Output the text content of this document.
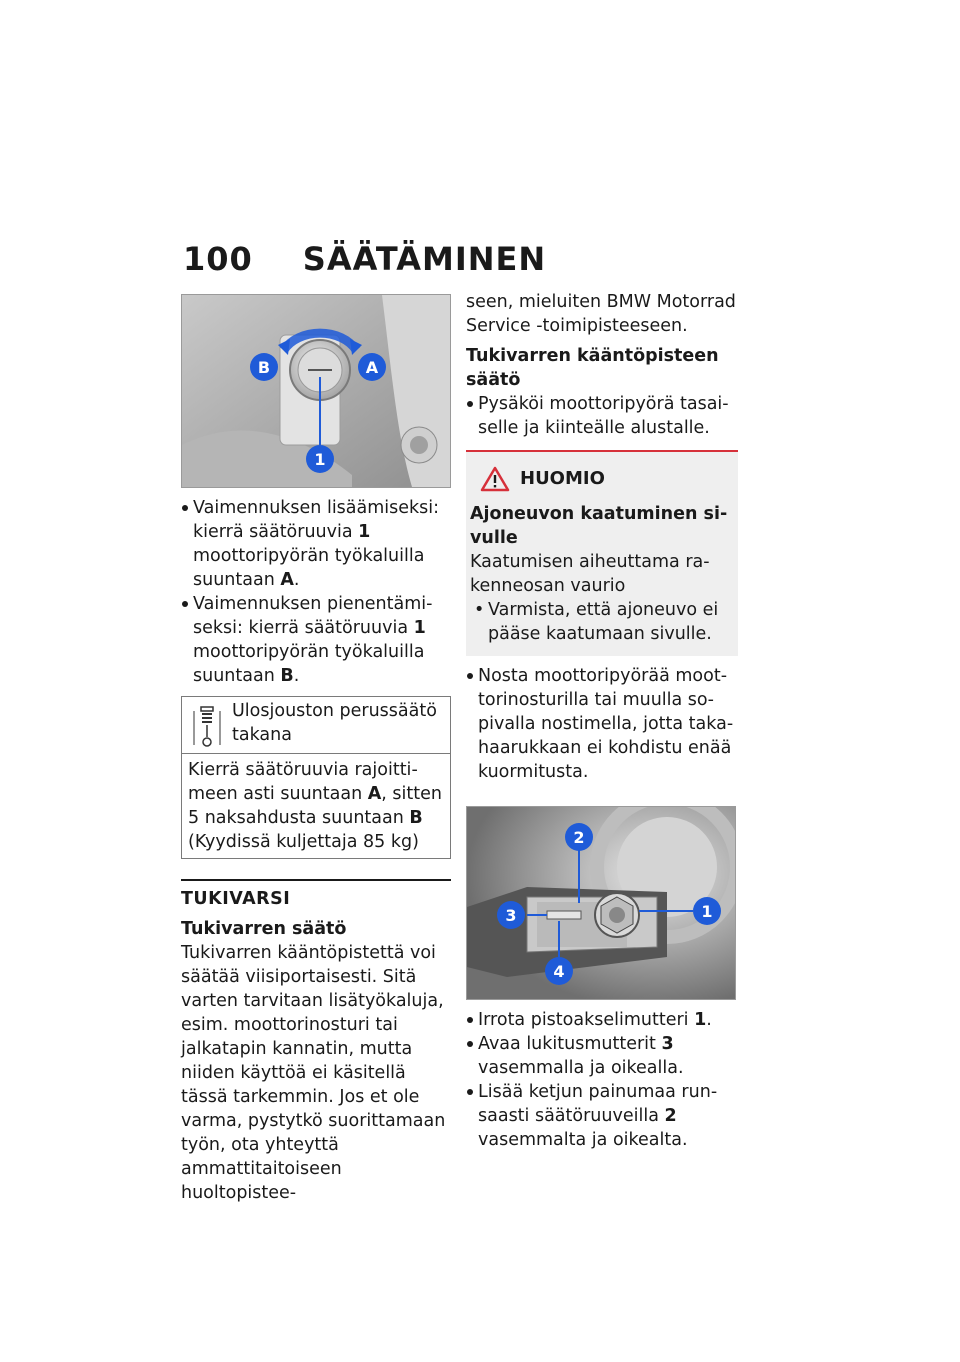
100 SÄÄTÄMINEN
B	A
1
Vaimennuksen lisäämiseksi: kierrä säätöruuvia 1 moottoripyörän työkaluilla suuntaan A.
Vaimennuksen pienentämiseksi: kierrä säätöruuvia 1 moottoripyörän työkaluilla suuntaan B.
Ulosjouston perussäätö takana
Kierrä säätöruuvia rajoittimeen asti suuntaan A, sitten 5 naksahdusta suuntaan B (Kyydissä kuljettaja 85 kg)
TUKIVARSI
Tukivarren säätö

Tukivarren kääntöpistettä voi säätää viisiportaisesti. Sitä varten tarvitaan lisätyökaluja, esim. moottorinosturi tai jalkatapin kannatin, mutta niiden käyttöä ei käsitellä tässä tarkemmin. Jos et ole varma, pystytkö suorittamaan työn, ota yhteyttä ammattitaitoiseen huoltopistee-

seen, mieluiten BMW Motorrad Service -toimipisteeseen.

Tukivarren kääntöpisteen säätö
Pysäköi moottoripyörä tasaiselle ja kiinteälle alustalle.
HUOMIO
Ajoneuvon kaatuminen sivulle

Kaatumisen aiheuttama rakenneosan vaurio

• Varmista, että ajoneuvo ei pääse kaatumaan sivulle.
Nosta moottoripyörää moottorinosturilla tai muulla sopivalla nostimella, jotta takahaarukkaan ei kohdistu enää kuormitusta.
2
3	1
4
Irrota pistoakselimutteri 1.
Avaa lukitusmutterit 3 vasemmalla ja oikealla.
Lisää ketjun painumaa runsaasti säätöruuveilla 2 vasemmalta ja oikealta.
